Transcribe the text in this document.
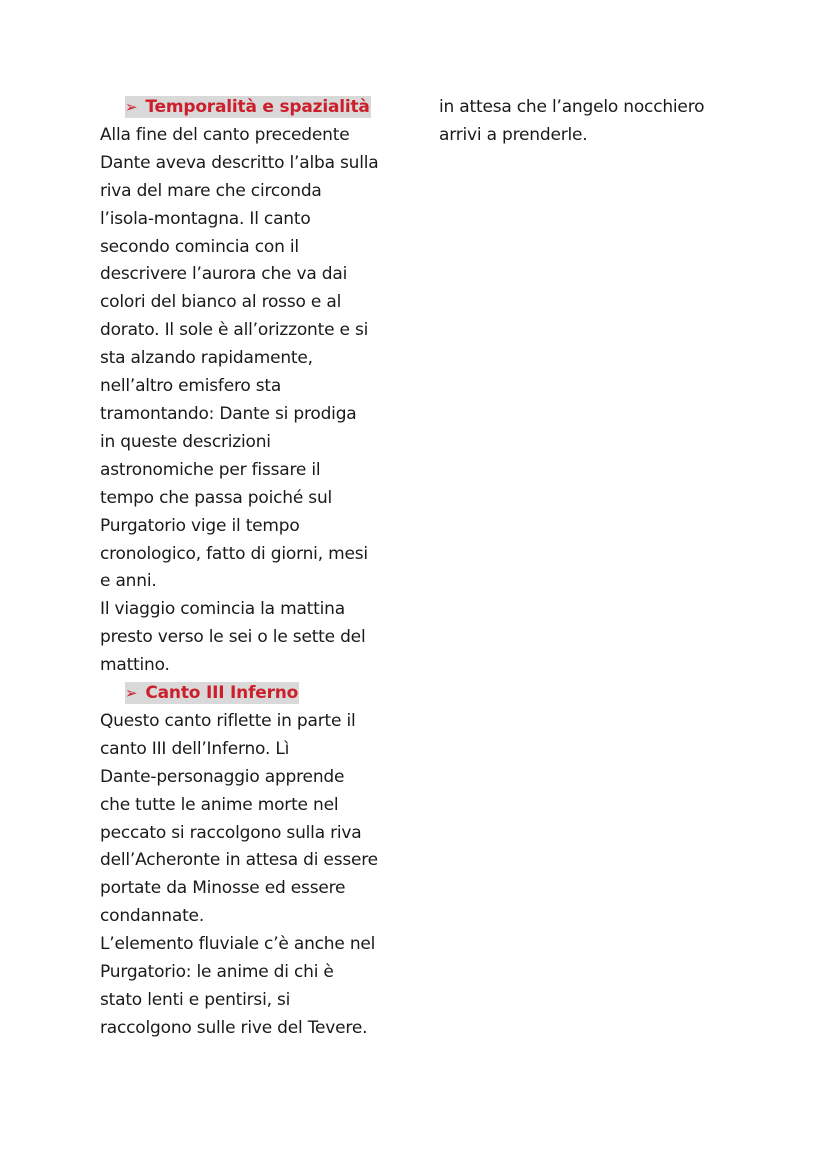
➢ Temporalità e spazialità
Alla fine del canto precedente
Dante aveva descritto l’alba sulla
riva del mare che circonda
l’isola-montagna. Il canto
secondo comincia con il
descrivere l’aurora che va dai
colori del bianco al rosso e al
dorato. Il sole è all’orizzonte e si
sta alzando rapidamente,
nell’altro emisfero sta
tramontando: Dante si prodiga
in queste descrizioni
astronomiche per fissare il
tempo che passa poiché sul
Purgatorio vige il tempo
cronologico, fatto di giorni, mesi
e anni.
Il viaggio comincia la mattina
presto verso le sei o le sette del
mattino.
➢ Canto III Inferno
Questo canto riflette in parte il
canto III dell’Inferno. Lì
Dante-personaggio apprende
che tutte le anime morte nel
peccato si raccolgono sulla riva
dell’Acheronte in attesa di essere
portate da Minosse ed essere
condannate.
L’elemento fluviale c’è anche nel
Purgatorio: le anime di chi è
stato lenti e pentirsi, si
raccolgono sulle rive del Tevere.
in attesa che l’angelo nocchiero
arrivi a prenderle.
